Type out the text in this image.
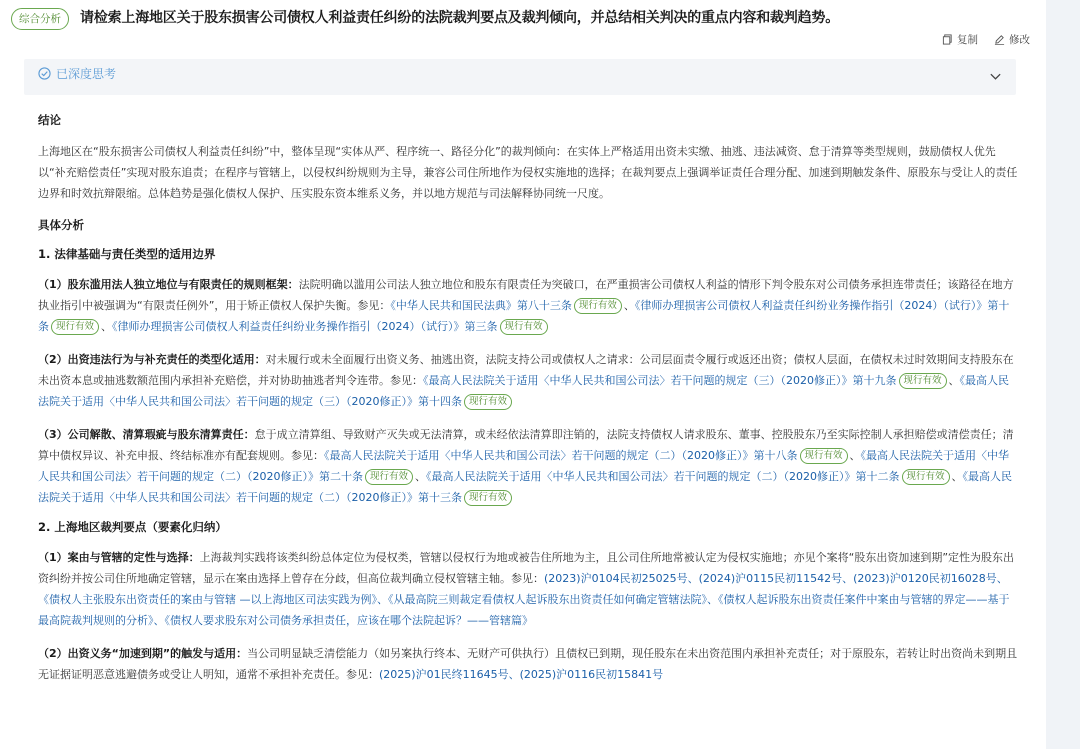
综合分析	请检索上海地区关于股东损害公司债权人利益责任纠纷的法院裁判要点及裁判倾向，并总结相关判决的重点内容和裁判趋势。
复制	修改
已深度思考
结论

上海地区在“股东损害公司债权人利益责任纠纷”中，整体呈现“实体从严、程序统一、路径分化”的裁判倾向：在实体上严格适用出资未实缴、抽逃、违法减资、怠于清算等类型规则，鼓励债权人优先以“补充赔偿责任”实现对股东追责；在程序与管辖上，以侵权纠纷规则为主导，兼容公司住所地作为侵权实施地的选择；在裁判要点上强调举证责任合理分配、加速到期触发条件、原股东与受让人的责任边界和时效抗辩限缩。总体趋势是强化债权人保护、压实股东资本维系义务，并以地方规范与司法解释协同统一尺度。

具体分析
1. 法律基础与责任类型的适用边界

（1）股东滥用法人独立地位与有限责任的规则框架：法院明确以滥用公司法人独立地位和股东有限责任为突破口，在严重损害公司债权人利益的情形下判令股东对公司债务承担连带责任；该路径在地方执业指引中被强调为“有限责任例外”，用于矫正债权人保护失衡。参见：《中华人民共和国民法典》第八十三条 现行有效 、《律师办理损害公司债权人利益责任纠纷业务操作指引（2024）（试行）》第十条 现行有效 、《律师办理损害公司债权人利益责任纠纷业务操作指引（2024）（试行）》第三条 现行有效

（2）出资违法行为与补充责任的类型化适用：对未履行或未全面履行出资义务、抽逃出资，法院支持公司或债权人之请求：公司层面责令履行或返还出资；债权人层面，在债权未过时效期间支持股东在未出资本息或抽逃数额范围内承担补充赔偿，并对协助抽逃者判令连带。参见：《最高人民法院关于适用〈中华人民共和国公司法〉若干问题的规定（三）（2020修正）》第十九条 现行有效 、《最高人民法院关于适用〈中华人民共和国公司法〉若干问题的规定（三）（2020修正）》第十四条 现行有效

（3）公司解散、清算瑕疵与股东清算责任：怠于成立清算组、导致财产灭失或无法清算，或未经依法清算即注销的，法院支持债权人请求股东、董事、控股股东乃至实际控制人承担赔偿或清偿责任；清算中债权异议、补充申报、终结标准亦有配套规则。参见：《最高人民法院关于适用〈中华人民共和国公司法〉若干问题的规定（二）（2020修正）》第十八条 现行有效 、《最高人民法院关于适用〈中华人民共和国公司法〉若干问题的规定（二）（2020修正）》第二十条 现行有效 、《最高人民法院关于适用〈中华人民共和国公司法〉若干问题的规定（二）（2020修正）》第十二条 现行有效 、《最高人民法院关于适用〈中华人民共和国公司法〉若干问题的规定（二）（2020修正）》第十三条 现行有效

2. 上海地区裁判要点（要素化归纳）

（1）案由与管辖的定性与选择：上海裁判实践将该类纠纷总体定位为侵权类，管辖以侵权行为地或被告住所地为主，且公司住所地常被认定为侵权实施地；亦见个案将“股东出资加速到期”定性为股东出资纠纷并按公司住所地确定管辖，显示在案由选择上曾存在分歧，但高位裁判确立侵权管辖主轴。参见：(2023)沪0104民初25025号、(2024)沪0115民初11542号、(2023)沪0120民初16028号、《债权人主张股东出资责任的案由与管辖 —以上海地区司法实践为例》、《从最高院三则裁定看债权人起诉股东出资责任如何确定管辖法院》、《债权人起诉股东出资责任案件中案由与管辖的界定——基于最高院裁判规则的分析》、《债权人要求股东对公司债务承担责任，应该在哪个法院起诉？——管辖篇》

（2）出资义务“加速到期”的触发与适用：当公司明显缺乏清偿能力（如另案执行终本、无财产可供执行）且债权已到期，现任股东在未出资范围内承担补充责任；对于原股东，若转让时出资尚未到期且无证据证明恶意逃避债务或受让人明知，通常不承担补充责任。参见：(2025)沪01民终11645号、(2025)沪0116民初15841号
